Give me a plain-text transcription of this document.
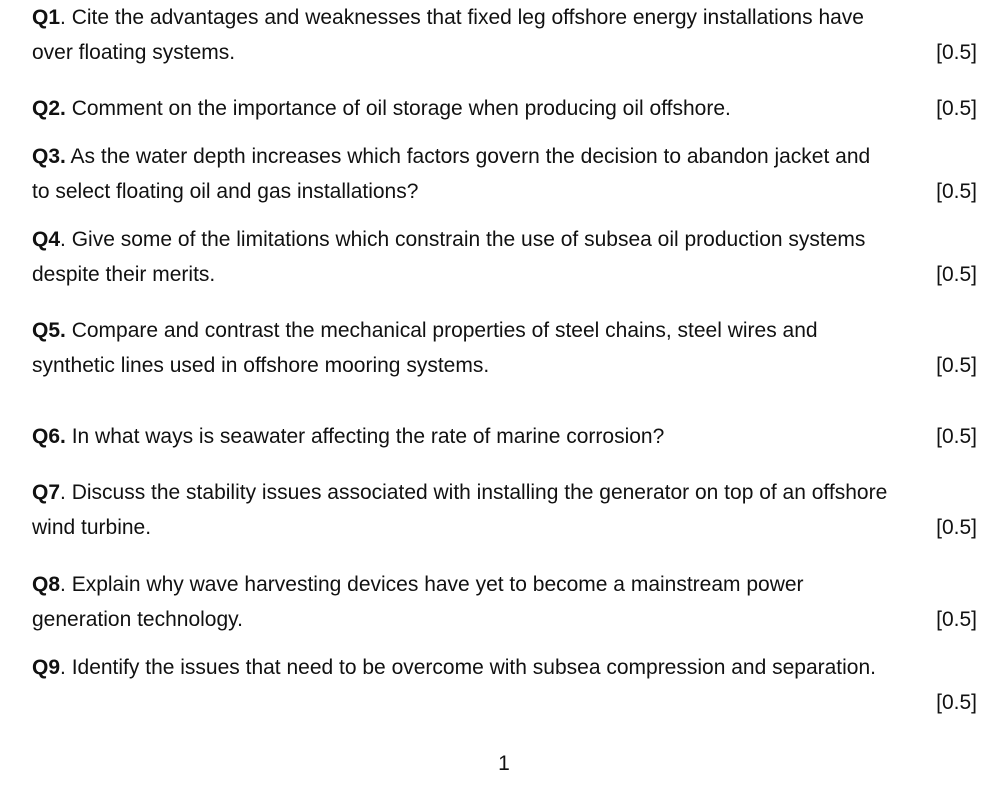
Q1. Cite the advantages and weaknesses that fixed leg offshore energy installations have
over floating systems.	[0.5]
Q2. Comment on the importance of oil storage when producing oil offshore.	[0.5]
Q3. As the water depth increases which factors govern the decision to abandon jacket and
to select floating oil and gas installations?	[0.5]
Q4. Give some of the limitations which constrain the use of subsea oil production systems
despite their merits.	[0.5]
Q5. Compare and contrast the mechanical properties of steel chains, steel wires and
synthetic lines used in offshore mooring systems.	[0.5]
Q6. In what ways is seawater affecting the rate of marine corrosion?	[0.5]
Q7. Discuss the stability issues associated with installing the generator on top of an offshore
wind turbine.	[0.5]
Q8. Explain why wave harvesting devices have yet to become a mainstream power
generation technology.	[0.5]
Q9. Identify the issues that need to be overcome with subsea compression and separation.
[0.5]
1
